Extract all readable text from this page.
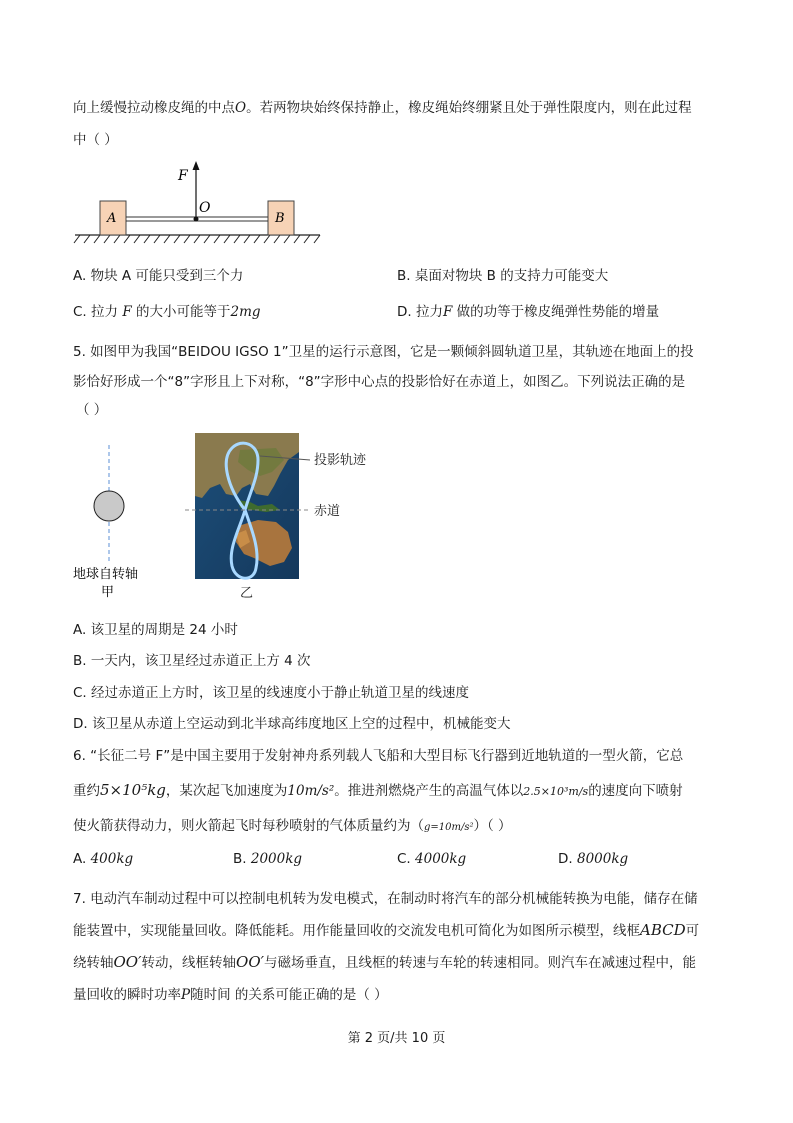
向上缓慢拉动橡皮绳的中点O。若两物块始终保持静止，橡皮绳始终绷紧且处于弹性限度内，则在此过程
中（ ）
F
O
A	B
A. 物块 A 可能只受到三个力	B. 桌面对物块 B 的支持力可能变大
C. 拉力 F 的大小可能等于2mg	D. 拉力F 做的功等于橡皮绳弹性势能的增量
5. 如图甲为我国“BEIDOU IGSO 1”卫星的运行示意图，它是一颗倾斜圆轨道卫星，其轨迹在地面上的投
影恰好形成一个“8”字形且上下对称，“8”字形中心点的投影恰好在赤道上，如图乙。下列说法正确的是
（ ）
地球自转轴
甲
投影轨迹
赤道
乙
A. 该卫星的周期是 24 小时
B. 一天内，该卫星经过赤道正上方 4 次
C. 经过赤道正上方时，该卫星的线速度小于静止轨道卫星的线速度
D. 该卫星从赤道上空运动到北半球高纬度地区上空的过程中，机械能变大
6. “长征二号 F”是中国主要用于发射神舟系列载人飞船和大型目标飞行器到近地轨道的一型火箭，它总
重约5×10⁵kg，某次起飞加速度为10m/s²。推进剂燃烧产生的高温气体以2.5×10³m/s的速度向下喷射
使火箭获得动力，则火箭起飞时每秒喷射的气体质量约为（g=10m/s²）（ ）
A. 400kg	B. 2000kg	C. 4000kg	D. 8000kg
7. 电动汽车制动过程中可以控制电机转为发电模式，在制动时将汽车的部分机械能转换为电能，储存在储
能装置中，实现能量回收。降低能耗。用作能量回收的交流发电机可简化为如图所示模型，线框ABCD可
绕转轴OO′转动，线框转轴OO′与磁场垂直，且线框的转速与车轮的转速相同。则汽车在减速过程中，能
量回收的瞬时功率P随时间 的关系可能正确的是（ ）
第 2 页/共 10 页
